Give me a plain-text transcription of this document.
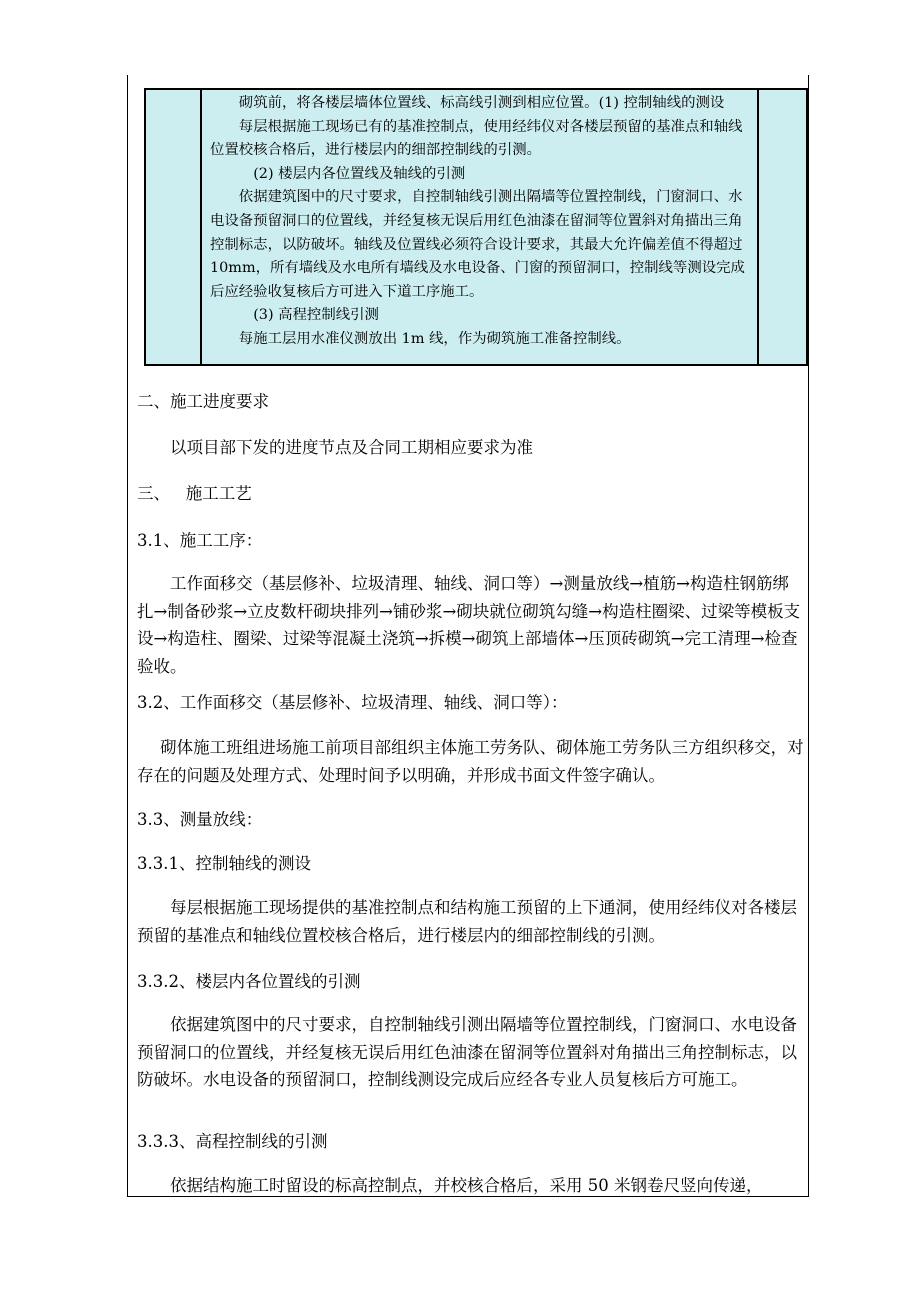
砌筑前，将各楼层墙体位置线、标高线引测到相应位置。(1) 控制轴线的测设

每层根据施工现场已有的基准控制点，使用经纬仪对各楼层预留的基准点和轴线位置校核合格后，进行楼层内的细部控制线的引测。

(2) 楼层内各位置线及轴线的引测

依据建筑图中的尺寸要求，自控制轴线引测出隔墙等位置控制线，门窗洞口、水电设备预留洞口的位置线，并经复核无误后用红色油漆在留洞等位置斜对角描出三角控制标志，以防破坏。轴线及位置线必须符合设计要求，其最大允许偏差值不得超过 10mm，所有墙线及水电所有墙线及水电设备、门窗的预留洞口，控制线等测设完成后应经验收复核后方可进入下道工序施工。

(3) 高程控制线引测

每施工层用水准仪测放出 1m 线，作为砌筑施工准备控制线。

二、施工进度要求

以项目部下发的进度节点及合同工期相应要求为准

三、   施工工艺

3.1、施工工序：

工作面移交（基层修补、垃圾清理、轴线、洞口等）→测量放线→植筋→构造柱钢筋绑扎→制备砂浆→立皮数杆砌块排列→铺砂浆→砌块就位砌筑勾缝→构造柱圈梁、过梁等模板支设→构造柱、圈梁、过梁等混凝土浇筑→拆模→砌筑上部墙体→压顶砖砌筑→完工清理→检查验收。

3.2、工作面移交（基层修补、垃圾清理、轴线、洞口等）：

砌体施工班组进场施工前项目部组织主体施工劳务队、砌体施工劳务队三方组织移交，对存在的问题及处理方式、处理时间予以明确，并形成书面文件签字确认。

3.3、测量放线：

3.3.1、控制轴线的测设

每层根据施工现场提供的基准控制点和结构施工预留的上下通洞，使用经纬仪对各楼层预留的基准点和轴线位置校核合格后，进行楼层内的细部控制线的引测。

3.3.2、楼层内各位置线的引测

依据建筑图中的尺寸要求，自控制轴线引测出隔墙等位置控制线，门窗洞口、水电设备预留洞口的位置线，并经复核无误后用红色油漆在留洞等位置斜对角描出三角控制标志，以防破坏。水电设备的预留洞口，控制线测设完成后应经各专业人员复核后方可施工。

3.3.3、高程控制线的引测

依据结构施工时留设的标高控制点，并校核合格后，采用 50 米钢卷尺竖向传递，
